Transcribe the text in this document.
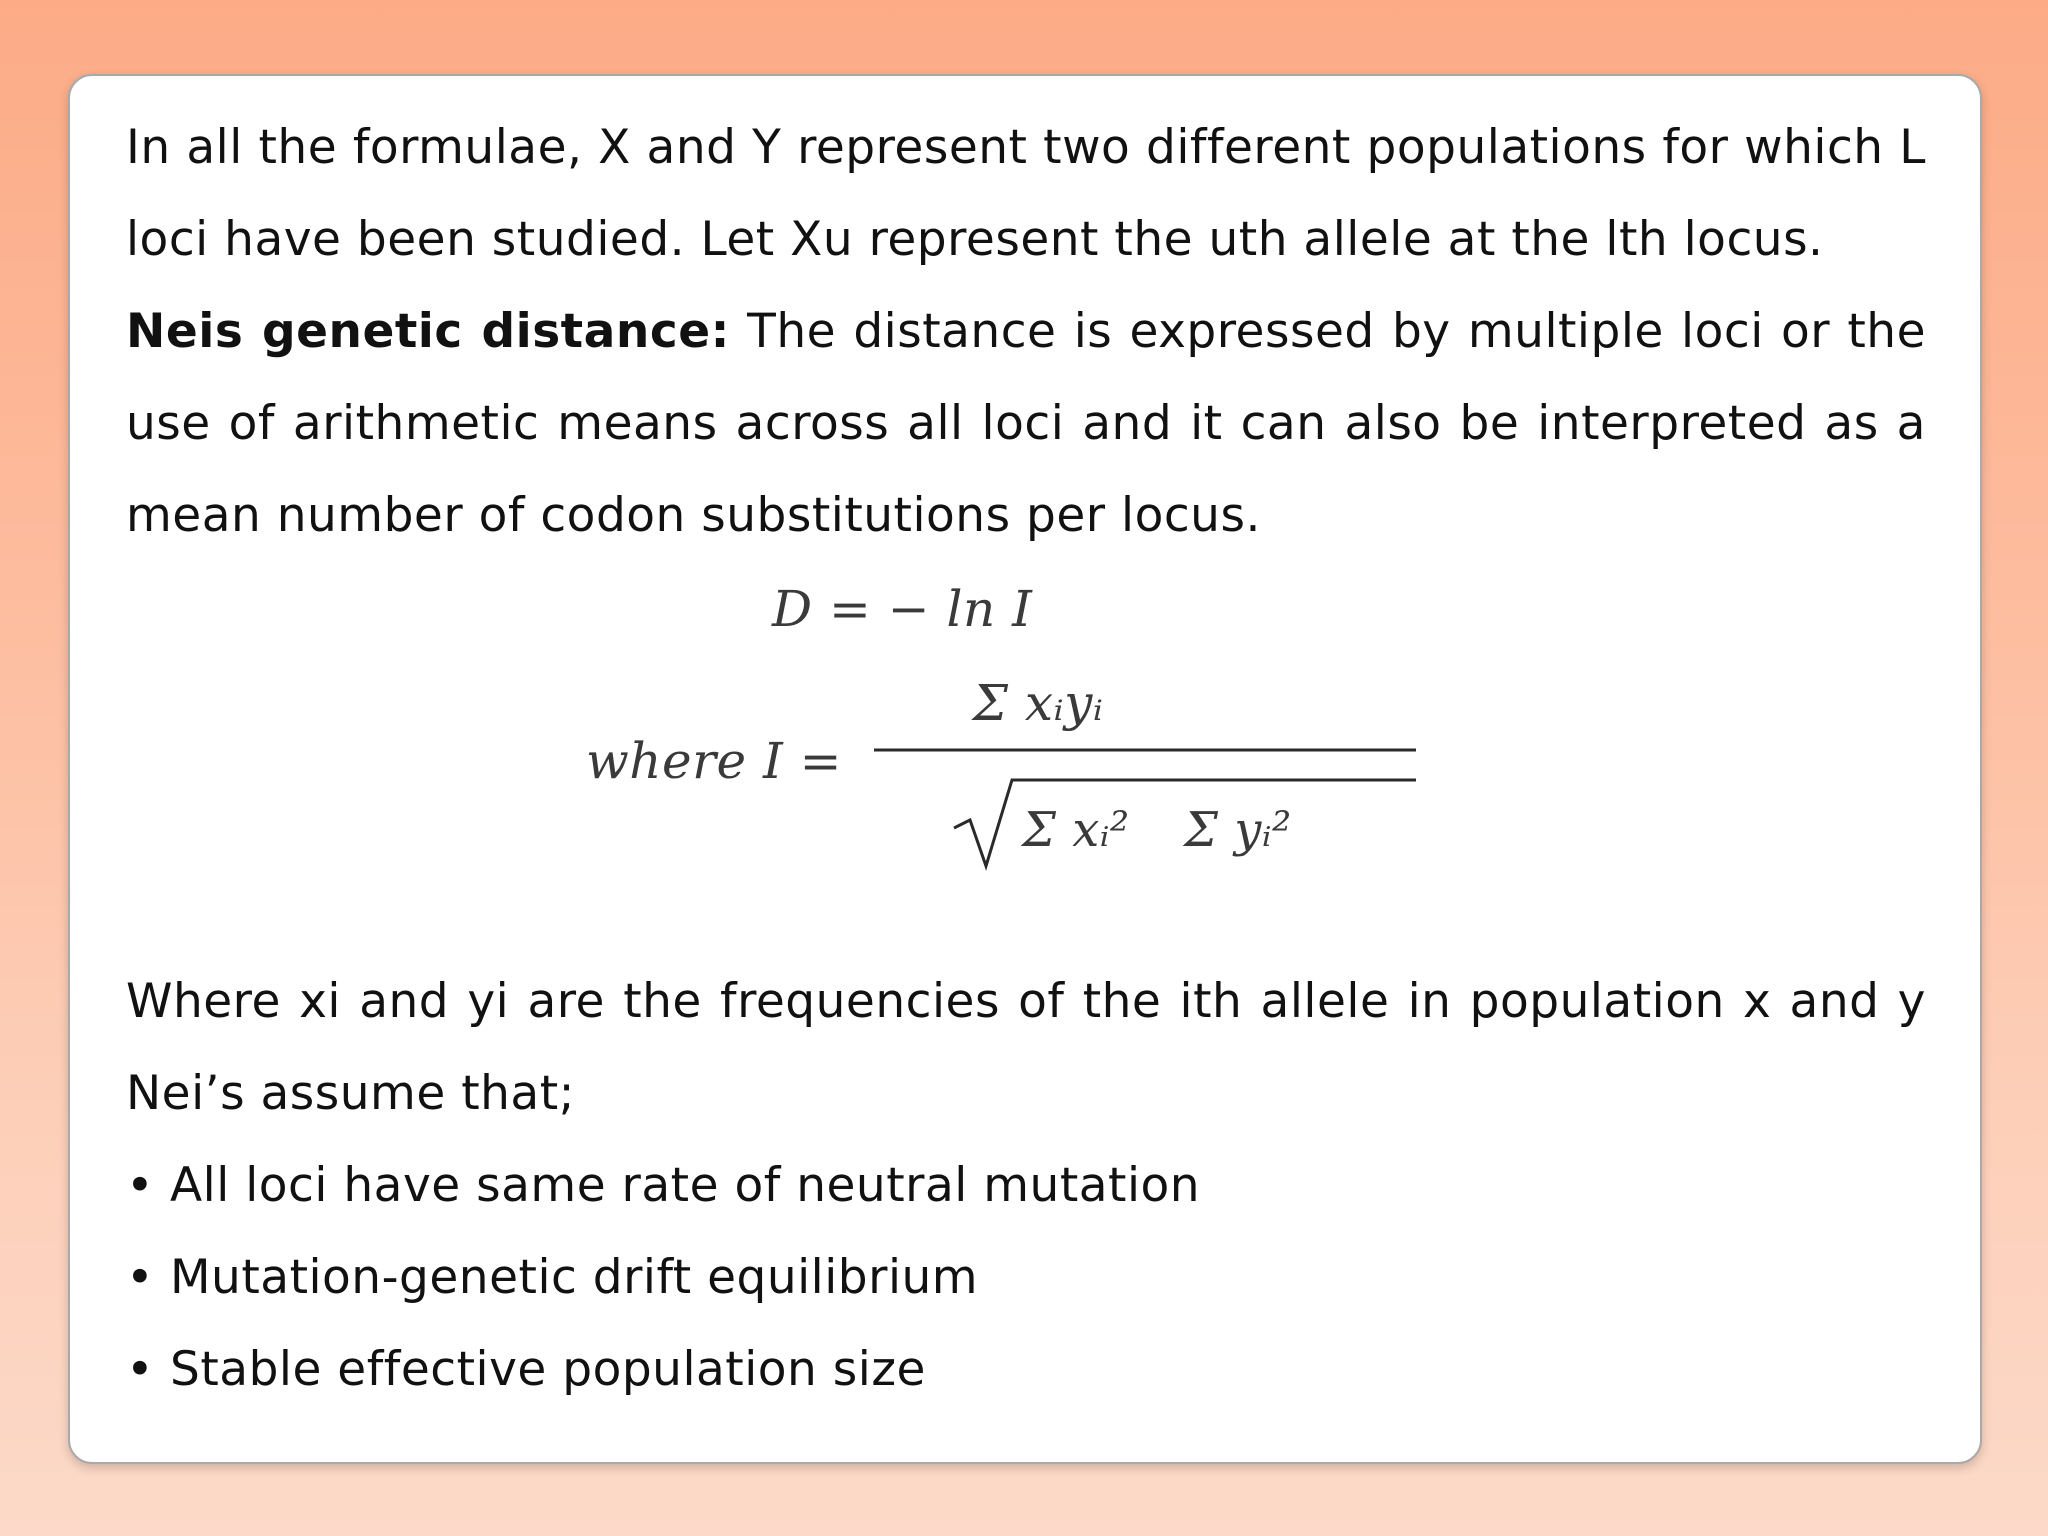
In all the formulae, X and Y represent two different populations for which L loci have been studied. Let Xu represent the uth allele at the lth locus.

Neis genetic distance: The distance is expressed by multiple loci or the use of arithmetic means across all loci and it can also be interpreted as a mean number of codon substitutions per locus.

D = − ln I
where I =
Σ xᵢyᵢ
Σ xᵢ² Σ yᵢ²

Where xi and yi are the frequencies of the ith allele in population x and y Nei’s assume that;

• All loci have same rate of neutral mutation
• Mutation-genetic drift equilibrium
• Stable effective population size
